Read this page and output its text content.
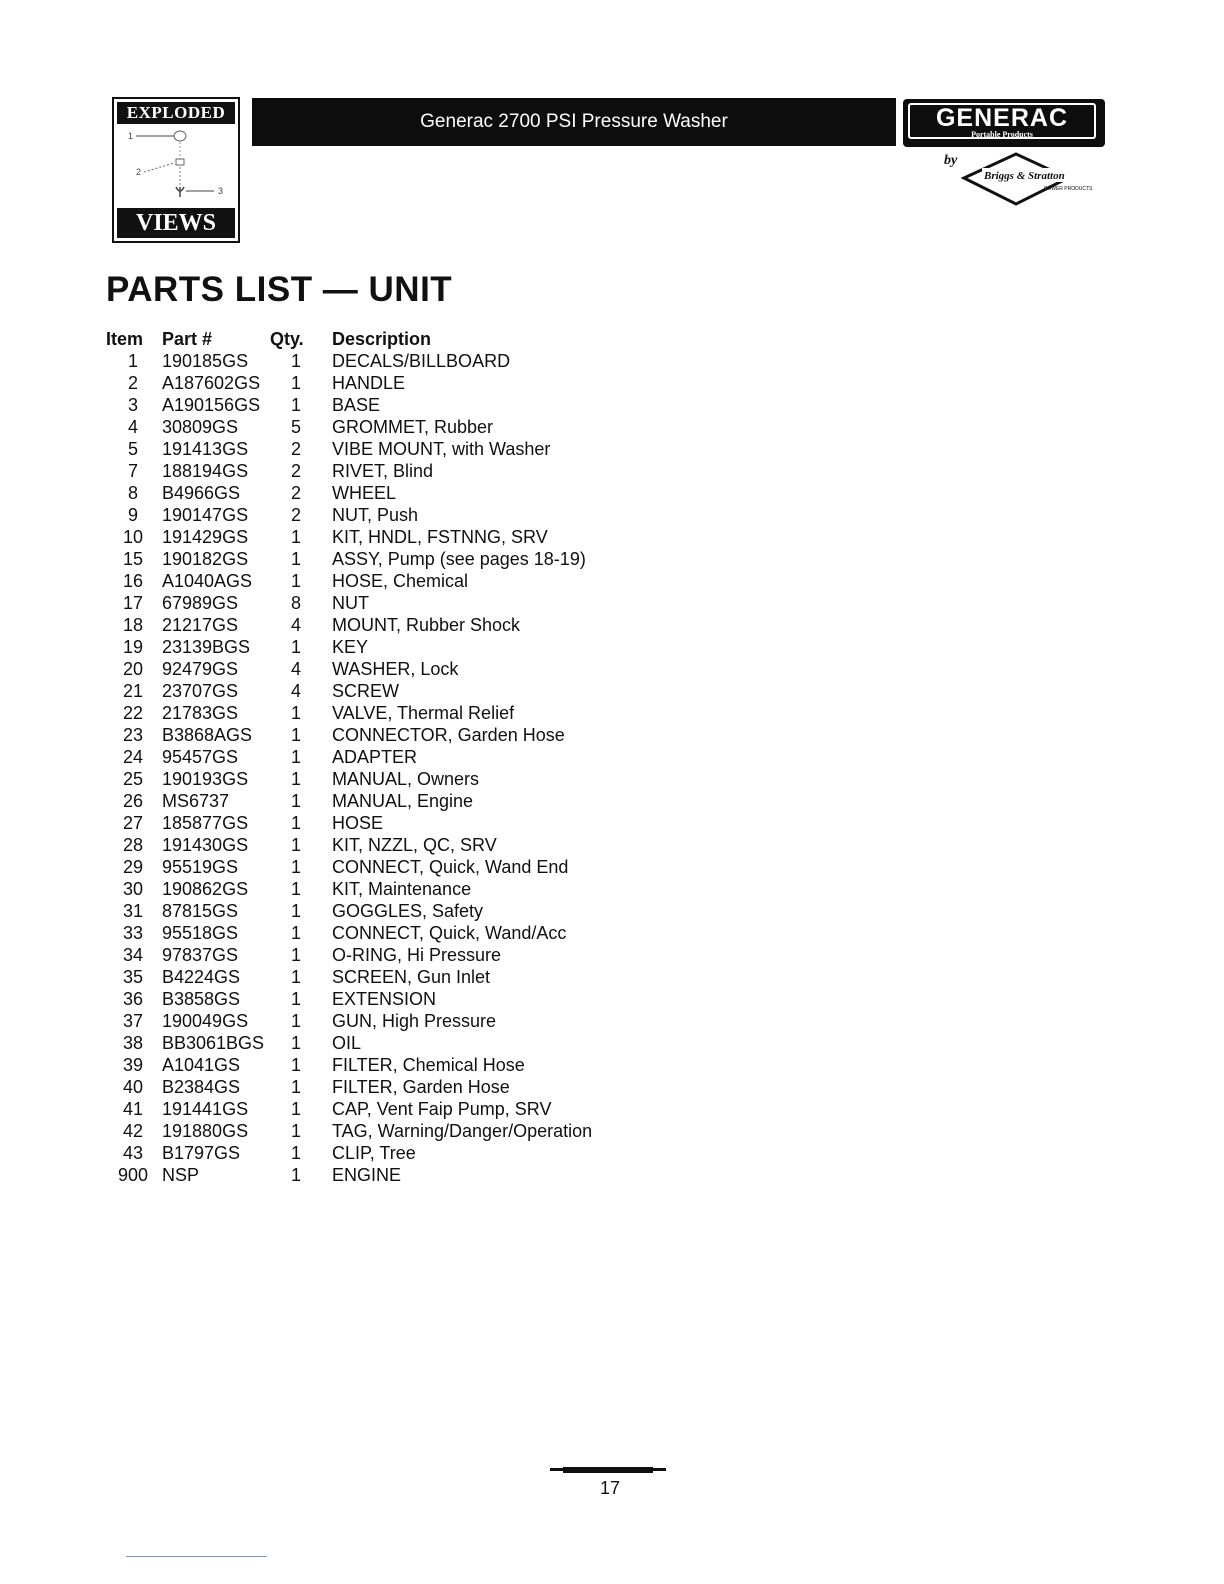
EXPLODED
1
2
3
VIEWS
Generac 2700 PSI Pressure Washer	GENERAC
Portable Products
by
Briggs & Stratton
POWER PRODUCTS
PARTS LIST — UNIT
Item	Part #	Qty.	Description
1	190185GS	1	DECALS/BILLBOARD
2	A187602GS	1	HANDLE
3	A190156GS	1	BASE
4	30809GS	5	GROMMET, Rubber
5	191413GS	2	VIBE MOUNT, with Washer
7	188194GS	2	RIVET, Blind
8	B4966GS	2	WHEEL
9	190147GS	2	NUT, Push
10	191429GS	1	KIT, HNDL, FSTNNG, SRV
15	190182GS	1	ASSY, Pump (see pages 18-19)
16	A1040AGS	1	HOSE, Chemical
17	67989GS	8	NUT
18	21217GS	4	MOUNT, Rubber Shock
19	23139BGS	1	KEY
20	92479GS	4	WASHER, Lock
21	23707GS	4	SCREW
22	21783GS	1	VALVE, Thermal Relief
23	B3868AGS	1	CONNECTOR, Garden Hose
24	95457GS	1	ADAPTER
25	190193GS	1	MANUAL, Owners
26	MS6737	1	MANUAL, Engine
27	185877GS	1	HOSE
28	191430GS	1	KIT, NZZL, QC, SRV
29	95519GS	1	CONNECT, Quick, Wand End
30	190862GS	1	KIT, Maintenance
31	87815GS	1	GOGGLES, Safety
33	95518GS	1	CONNECT, Quick, Wand/Acc
34	97837GS	1	O-RING, Hi Pressure
35	B4224GS	1	SCREEN, Gun Inlet
36	B3858GS	1	EXTENSION
37	190049GS	1	GUN, High Pressure
38	BB3061BGS	1	OIL
39	A1041GS	1	FILTER, Chemical Hose
40	B2384GS	1	FILTER, Garden Hose
41	191441GS	1	CAP, Vent Faip Pump, SRV
42	191880GS	1	TAG, Warning/Danger/Operation
43	B1797GS	1	CLIP, Tree
900	NSP	1	ENGINE
17
